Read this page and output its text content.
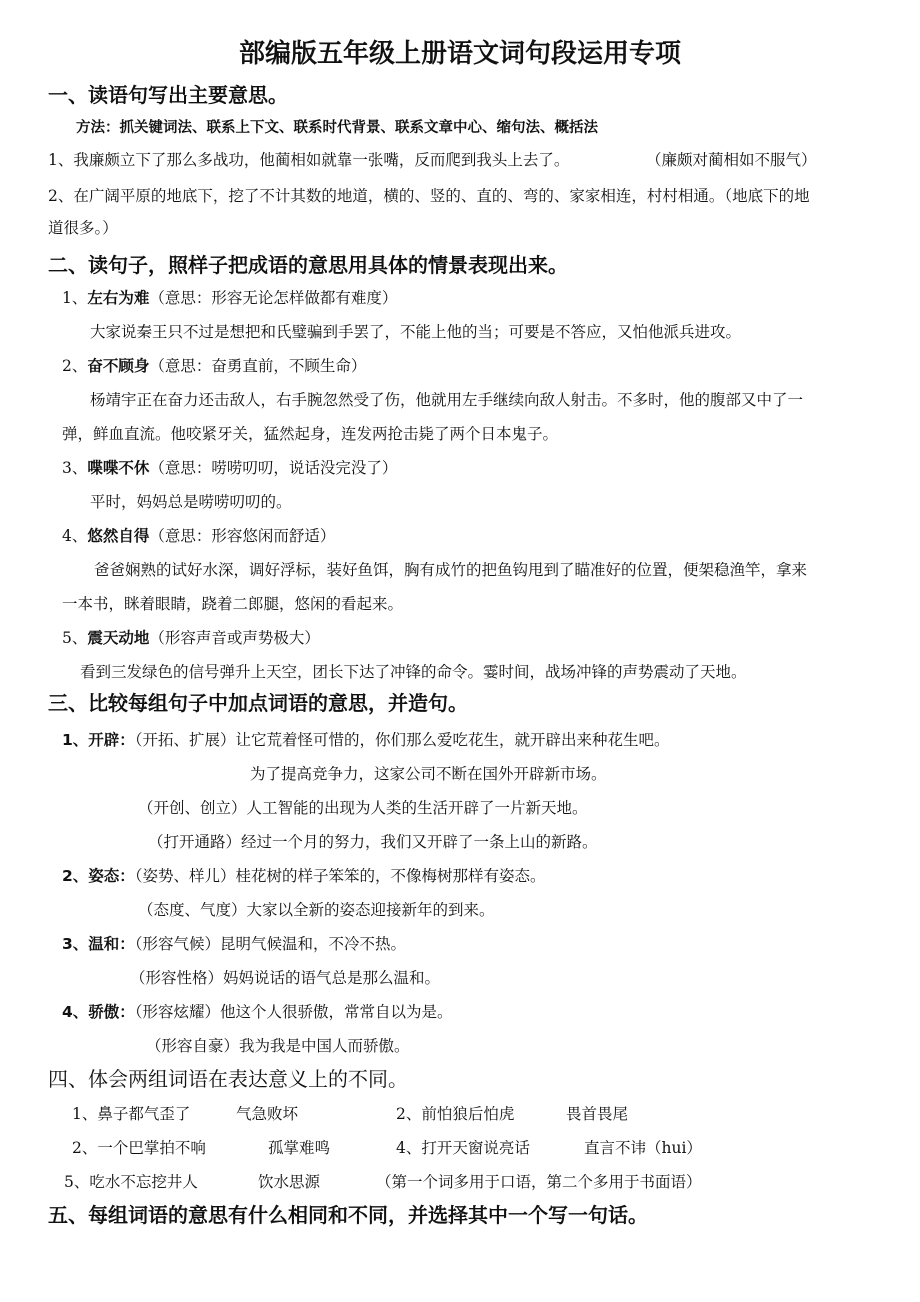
部编版五年级上册语文词句段运用专项
一、读语句写出主要意思。
方法：抓关键词法、联系上下文、联系时代背景、联系文章中心、缩句法、概括法
1、我廉颇立下了那么多战功，他蔺相如就靠一张嘴，反而爬到我头上去了。	（廉颇对蔺相如不服气）
2、在广阔平原的地底下，挖了不计其数的地道，横的、竖的、直的、弯的、家家相连，村村相通。（地底下的地
道很多。）
二、读句子，照样子把成语的意思用具体的情景表现出来。
1、左右为难（意思：形容无论怎样做都有难度）
大家说秦王只不过是想把和氏璧骗到手罢了，不能上他的当；可要是不答应，又怕他派兵进攻。
2、奋不顾身（意思：奋勇直前，不顾生命）
杨靖宇正在奋力还击敌人，右手腕忽然受了伤，他就用左手继续向敌人射击。不多时，他的腹部又中了一
弹，鲜血直流。他咬紧牙关，猛然起身，连发两抢击毙了两个日本鬼子。
3、喋喋不休（意思：唠唠叨叨，说话没完没了）
平时，妈妈总是唠唠叨叨的。
4、悠然自得（意思：形容悠闲而舒适）
爸爸娴熟的试好水深，调好浮标，装好鱼饵，胸有成竹的把鱼钩甩到了瞄准好的位置，便架稳渔竿，拿来
一本书，眯着眼睛，跷着二郎腿，悠闲的看起来。
5、震天动地（形容声音或声势极大）
看到三发绿色的信号弹升上天空，团长下达了冲锋的命令。霎时间，战场冲锋的声势震动了天地。
三、比较每组句子中加点词语的意思，并造句。
1、开辟：（开拓、扩展）让它荒着怪可惜的，你们那么爱吃花生，就开辟出来种花生吧。
为了提高竞争力，这家公司不断在国外开辟新市场。
（开创、创立）人工智能的出现为人类的生活开辟了一片新天地。
（打开通路）经过一个月的努力，我们又开辟了一条上山的新路。
2、姿态：（姿势、样儿）桂花树的样子笨笨的，不像梅树那样有姿态。
（态度、气度）大家以全新的姿态迎接新年的到来。
3、温和：（形容气候）昆明气候温和，不冷不热。
（形容性格）妈妈说话的语气总是那么温和。
4、骄傲：（形容炫耀）他这个人很骄傲，常常自以为是。
（形容自豪）我为我是中国人而骄傲。
四、体会两组词语在表达意义上的不同。
1、鼻子都气歪了	气急败坏	2、前怕狼后怕虎	畏首畏尾
2、一个巴掌拍不响	孤掌难鸣	4、打开天窗说亮话	直言不讳（hui）
5、吃水不忘挖井人	饮水思源	（第一个词多用于口语，第二个多用于书面语）
五、每组词语的意思有什么相同和不同，并选择其中一个写一句话。
